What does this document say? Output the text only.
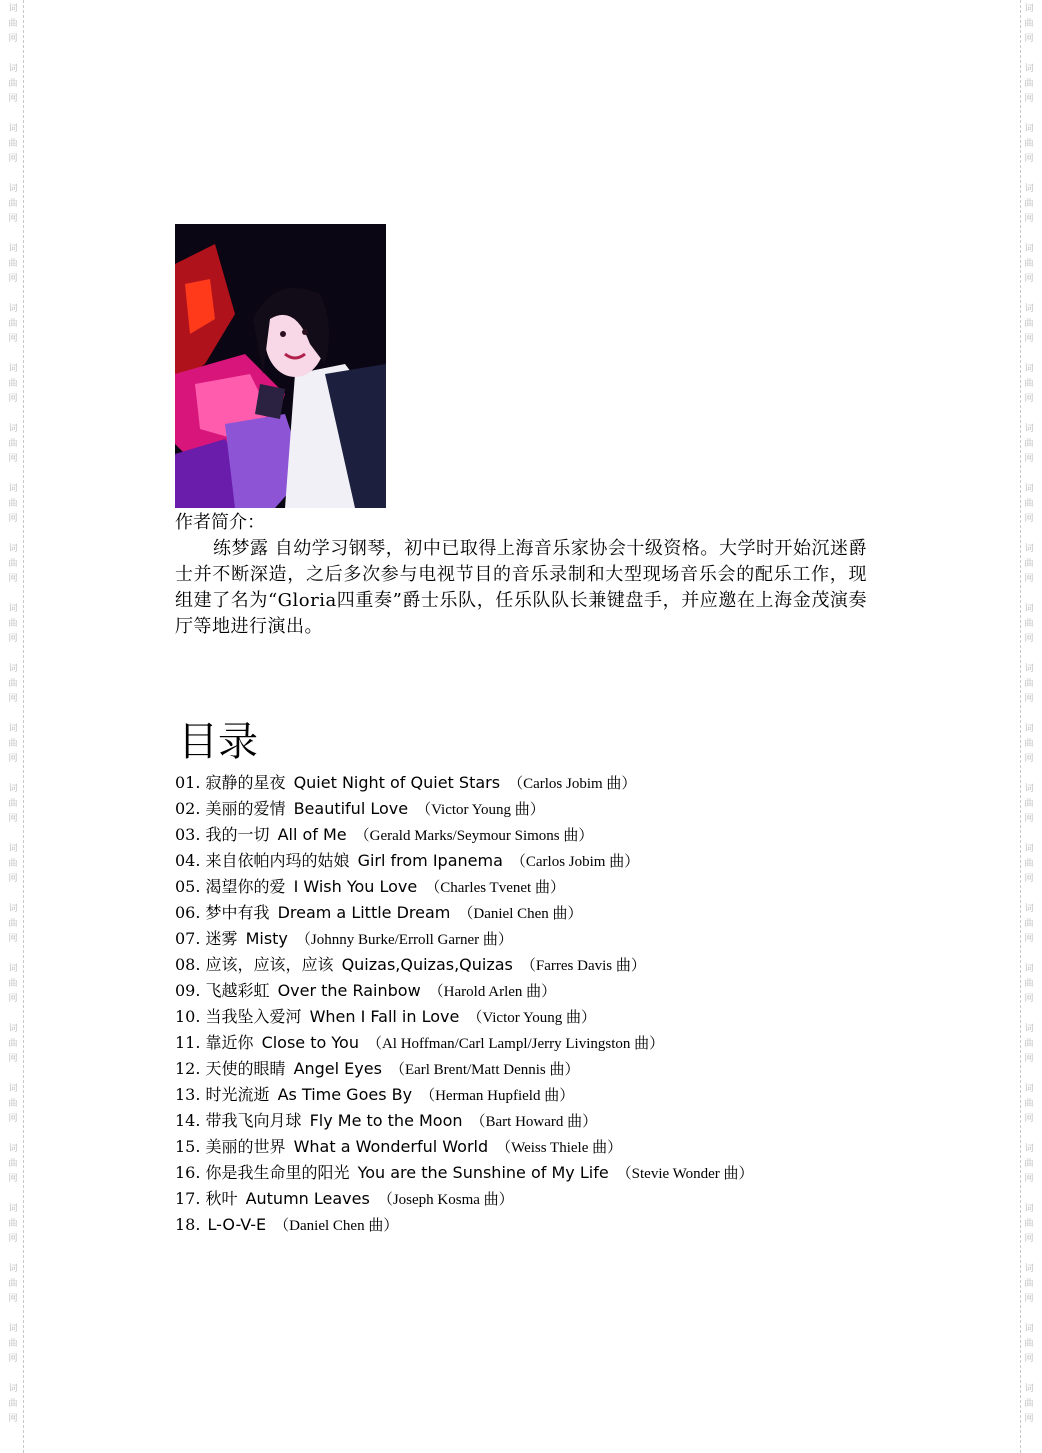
词
曲
网
词
曲
网
词
曲
网
词
曲
网
词
曲
网
词
曲
网
词
曲
网
词
曲
网
词
曲
网
词
曲
网
词
曲
网
词
曲
网
词
曲
网
词
曲
网
词
曲
网
词
曲
网
词
曲
网
词
曲
网
词
曲
网
词
曲
网
词
曲
网
词
曲
网
词
曲
网
词
曲
网
词
曲
网
词
曲
网
词
曲
网
词
曲
网
词
曲
网
词
曲
网
词
曲
网
词
曲
网
词
曲
网
词
曲
网
词
曲
网
词
曲
网
词
曲
网
词
曲
网
词
曲
网
词
曲
网
词
曲
网
词
曲
网
词
曲
网
词
曲
网
词
曲
网
词
曲
网
词
曲
网
词
曲
网
作者简介：
练梦露 自幼学习钢琴，初中已取得上海音乐家协会十级资格。大学时开始沉迷爵士并不断深造，之后多次参与电视节目的音乐录制和大型现场音乐会的配乐工作，现组建了名为“Gloria四重奏”爵士乐队，任乐队队长兼键盘手，并应邀在上海金茂演奏厅等地进行演出。
目录
01. 寂静的星夜 Quiet Night of Quiet Stars （Carlos Jobim 曲）
02. 美丽的爱情 Beautiful Love （Victor Young 曲）
03. 我的一切 All of Me （Gerald Marks/Seymour Simons 曲）
04. 来自依帕内玛的姑娘 Girl from Ipanema （Carlos Jobim 曲）
05. 渴望你的爱 I Wish You Love （Charles Tvenet 曲）
06. 梦中有我 Dream a Little Dream （Daniel Chen 曲）
07. 迷雾 Misty （Johnny Burke/Erroll Garner 曲）
08. 应该，应该，应该 Quizas,Quizas,Quizas （Farres Davis 曲）
09. 飞越彩虹 Over the Rainbow （Harold Arlen 曲）
10. 当我坠入爱河 When I Fall in Love （Victor Young 曲）
11. 靠近你 Close to You （Al Hoffman/Carl Lampl/Jerry Livingston 曲）
12. 天使的眼睛 Angel Eyes （Earl Brent/Matt Dennis 曲）
13. 时光流逝 As Time Goes By （Herman Hupfield 曲）
14. 带我飞向月球 Fly Me to the Moon （Bart Howard 曲）
15. 美丽的世界 What a Wonderful World （Weiss Thiele 曲）
16. 你是我生命里的阳光 You are the Sunshine of My Life （Stevie Wonder 曲）
17. 秋叶 Autumn Leaves （Joseph Kosma 曲）
18. L-O-V-E （Daniel Chen 曲）
